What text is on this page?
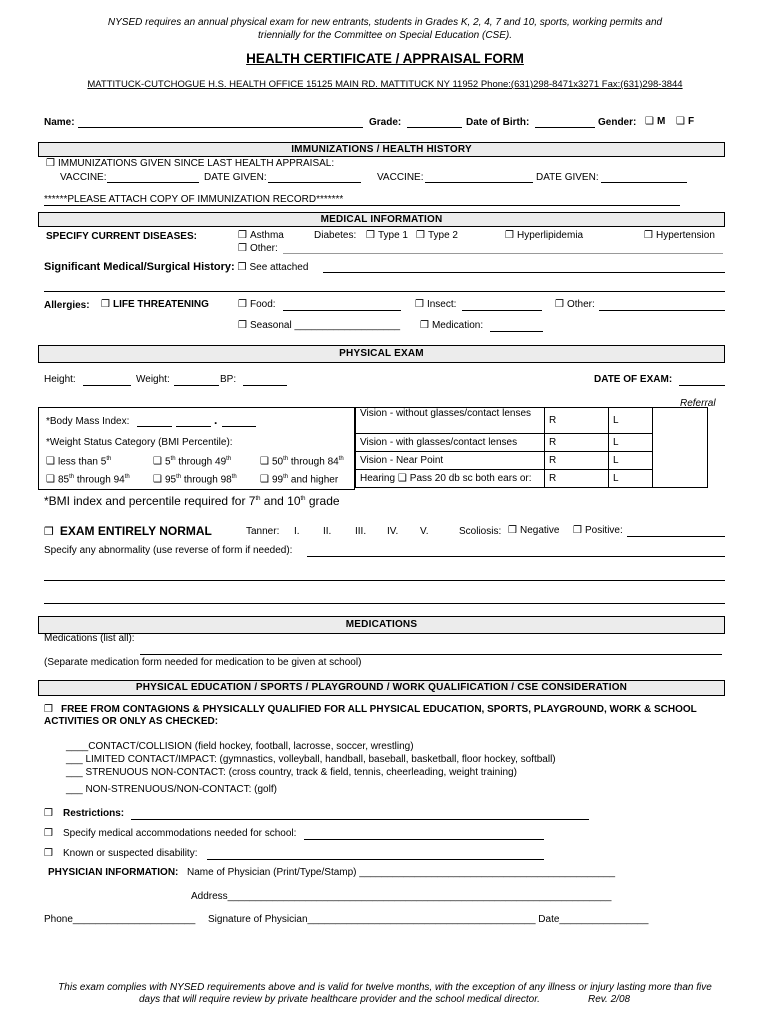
NYSED requires an annual physical exam for new entrants, students in Grades K, 2, 4, 7 and 10, sports, working permits and
triennially for the Committee on Special Education (CSE).
HEALTH CERTIFICATE / APPRAISAL FORM
MATTITUCK-CUTCHOGUE H.S. HEALTH OFFICE 15125 MAIN RD. MATTITUCK NY 11952 Phone:(631)298-8471x3271 Fax:(631)298-3844
Name:	Grade:	Date of Birth:	Gender: ❑ M ❑ F
IMMUNIZATIONS / HEALTH HISTORY
❒ IMMUNIZATIONS GIVEN SINCE LAST HEALTH APPRAISAL:
VACCINE:	DATE GIVEN:	VACCINE:	DATE GIVEN:
******PLEASE ATTACH COPY OF IMMUNIZATION RECORD*******
MEDICAL INFORMATION
SPECIFY CURRENT DISEASES:	❒ Asthma
❒ Other:
Diabetes: ❒ Type 1 ❒ Type 2	❒ Hyperlipidemia	❒ Hypertension
Significant Medical/Surgical History: ❒ See attached
Allergies: ❒ LIFE THREATENING	❒ Food:	❒ Insect:	❒ Other:
❒ Seasonal ___________________ ❒ Medication:
PHYSICAL EXAM
Height:	Weight:	BP:	DATE OF EXAM:
Referral
*Body Mass Index:	.
*Weight Status Category (BMI Percentile):
❑ less than 5th	❑ 5th through 49th	❑ 50th through 84th
❑ 85th through 94th ❑ 95th through 98th ❑ 99th and higher
Vision - without glasses/contact lenses	R	L	
Vision - with glasses/contact lenses	R	L	
Vision - Near Point	R	L	
Hearing ❑ Pass 20 db sc both ears or:	R	L	
*BMI index and percentile required for 7th and 10th grade
❒ EXAM ENTIRELY NORMAL	Tanner: I. II. III. IV. V.	Scoliosis: ❒ Negative ❒ Positive:
Specify any abnormality (use reverse of form if needed):
MEDICATIONS
Medications (list all):
(Separate medication form needed for medication to be given at school)
PHYSICAL EDUCATION / SPORTS / PLAYGROUND / WORK QUALIFICATION / CSE CONSIDERATION
❒ FREE FROM CONTAGIONS & PHYSICALLY QUALIFIED FOR ALL PHYSICAL EDUCATION, SPORTS, PLAYGROUND, WORK & SCHOOL
ACTIVITIES OR ONLY AS CHECKED:
____CONTACT/COLLISION (field hockey, football, lacrosse, soccer, wrestling)
___ LIMITED CONTACT/IMPACT: (gymnastics, volleyball, handball, baseball, basketball, floor hockey, softball)
___ STRENUOUS NON-CONTACT: (cross country, track & field, tennis, cheerleading, weight training)
___ NON-STRENUOUS/NON-CONTACT: (golf)
❒ Restrictions:
❒ Specify medical accommodations needed for school:
❒ Known or suspected disability:
PHYSICIAN INFORMATION: Name of Physician (Print/Type/Stamp) ______________________________________________
Address_____________________________________________________________________
Phone______________________ Signature of Physician_________________________________________ Date________________
This exam complies with NYSED requirements above and is valid for twelve months, with the exception of any illness or injury lasting more than five
days that will require review by private healthcare provider and the school medical director.	Rev. 2/08
